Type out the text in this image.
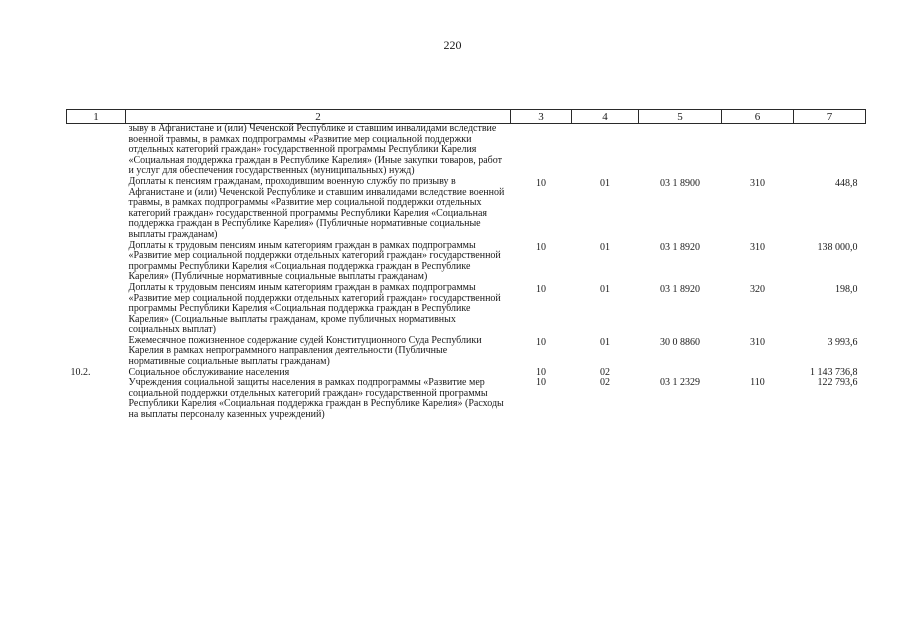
220
1	2	3	4	5	6	7
	зыву в Афганистане и (или) Чеченской Республике и ставшим инвалидами вследствие военной травмы, в рамках подпрограммы «Развитие мер социальной поддержки отдельных категорий граждан» государственной программы Республики Карелия «Социальная поддержка граждан в Республике Карелия» (Иные закупки товаров, работ и услуг для обеспечения государственных (муниципальных) нужд)					
	Доплаты к пенсиям гражданам, проходившим военную службу по призыву в Афганистане и (или) Чеченской Республике и ставшим инвалидами вследствие военной травмы, в рамках подпрограммы «Развитие мер социальной поддержки отдельных категорий граждан» государственной программы Республики Карелия «Социальная поддержка граждан в Республике Карелия» (Публичные нормативные социальные выплаты гражданам)	10	01	03 1 8900	310	448,8
	Доплаты к трудовым пенсиям иным категориям граждан в рамках подпрограммы «Развитие мер социальной поддержки отдельных категорий граждан» государственной программы Республики Карелия «Социальная поддержка граждан в Республике Карелия» (Публичные нормативные социальные выплаты гражданам)	10	01	03 1 8920	310	138 000,0
	Доплаты к трудовым пенсиям иным категориям граждан в рамках подпрограммы «Развитие мер социальной поддержки отдельных категорий граждан» государственной программы Республики Карелия «Социальная поддержка граждан в Республике Карелия» (Социальные выплаты гражданам, кроме публичных нормативных социальных выплат)	10	01	03 1 8920	320	198,0
	Ежемесячное пожизненное содержание судей Конституционного Суда Республики Карелия в рамках непрограммного направления деятельности (Публичные нормативные социальные выплаты гражданам)	10	01	30 0 8860	310	3 993,6
10.2.	Социальное обслуживание населения	10	02			1 143 736,8
	Учреждения социальной защиты населения в рамках подпрограммы «Развитие мер социальной поддержки отдельных категорий граждан» государственной программы Республики Карелия «Социальная поддержка граждан в Республике Карелия» (Расходы на выплаты персоналу казенных учреждений)	10	02	03 1 2329	110	122 793,6
